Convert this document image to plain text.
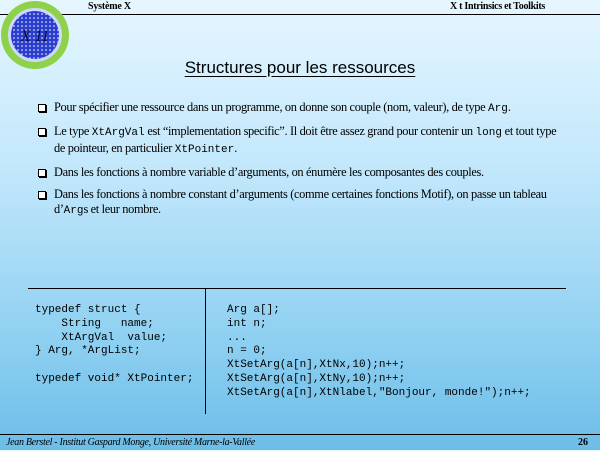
Système X	X t Intrinsics et Toolkits
X 11
Structures pour les ressources
Pour spécifier une ressource dans un programme, on donne son couple (nom, valeur), de type Arg.
Le type XtArgVal est “implementation specific”. Il doit être assez grand pour contenir un long et tout type de pointeur, en particulier XtPointer.
Dans les fonctions à nombre variable d’arguments, on énumère les composantes des couples.
Dans les fonctions à nombre constant d’arguments (comme certaines fonctions Motif), on passe un tableau d’Args et leur nombre.
typedef struct {
String   name;
XtArgVal  value;
} Arg, *ArgList;
typedef void* XtPointer;
Arg a[];
int n;
...
n = 0;
XtSetArg(a[n],XtNx,10);n++;
XtSetArg(a[n],XtNy,10);n++;
XtSetArg(a[n],XtNlabel,"Bonjour, monde!");n++;
Jean Berstel - Institut Gaspard Monge, Université Marne-la-Vallée	26
